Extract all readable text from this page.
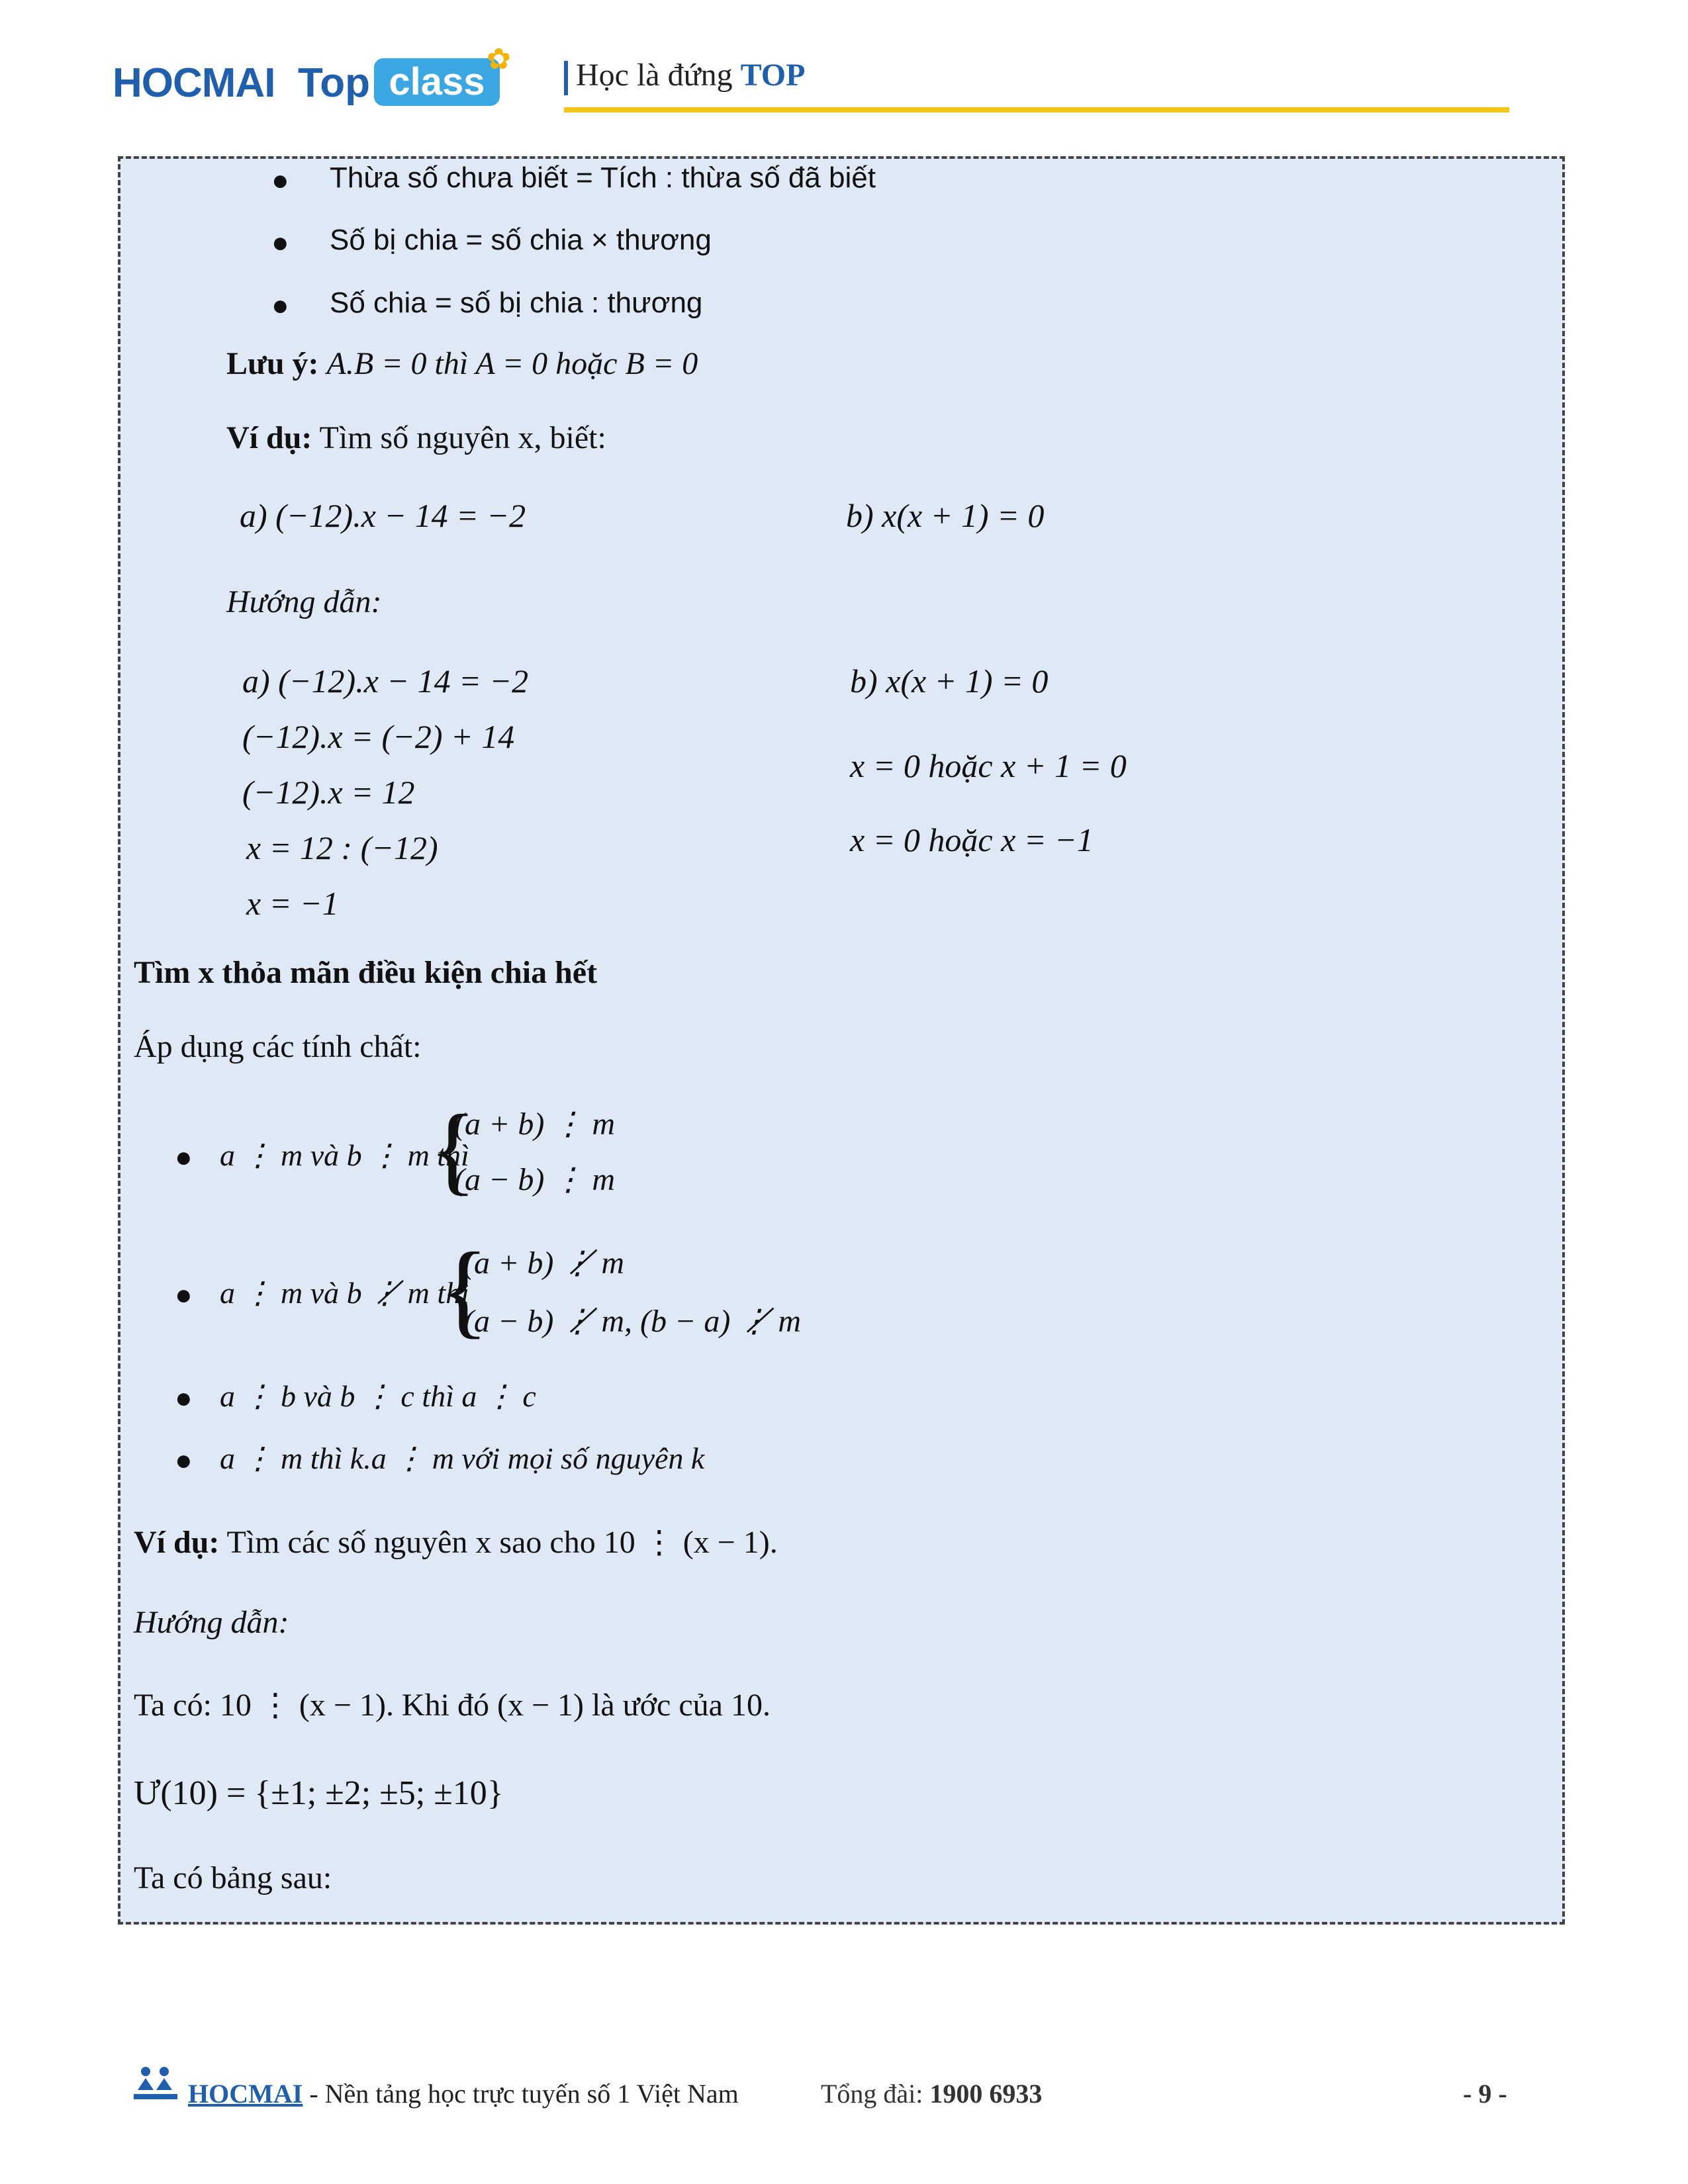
HOCMAI Top class
✿ Học là đứng TOP
● Thừa số chưa biết = Tích : thừa số đã biết
● Số bị chia = số chia × thương
● Số chia = số bị chia : thương
Lưu ý: A.B = 0 thì A = 0 hoặc B = 0
Ví dụ: Tìm số nguyên x, biết:
a) (−12).x − 14 = −2	b) x(x + 1) = 0
Hướng dẫn:
a) (−12).x − 14 = −2
(−12).x = (−2) + 14
(−12).x = 12
x = 12 : (−12)
x = −1
b) x(x + 1) = 0
x = 0 hoặc x + 1 = 0
x = 0 hoặc x = −1
Tìm x thỏa mãn điều kiện chia hết
Áp dụng các tính chất:
● a ⋮ m và b ⋮ m thì
{
(a + b) ⋮ m
(a − b) ⋮ m
● a ⋮ m và b ⋮̸ m thì
{
(a + b) ⋮̸ m
(a − b) ⋮̸ m, (b − a) ⋮̸ m
● a ⋮ b và b ⋮ c thì a ⋮ c
● a ⋮ m thì k.a ⋮ m với mọi số nguyên k
Ví dụ: Tìm các số nguyên x sao cho 10 ⋮ (x − 1).
Hướng dẫn:
Ta có: 10 ⋮ (x − 1). Khi đó (x − 1) là ước của 10.
Ư(10) = {±1; ±2; ±5; ±10}
Ta có bảng sau:
HOCMAI - Nền tảng học trực tuyến số 1 Việt Nam	Tổng đài: 1900 6933	- 9 -
